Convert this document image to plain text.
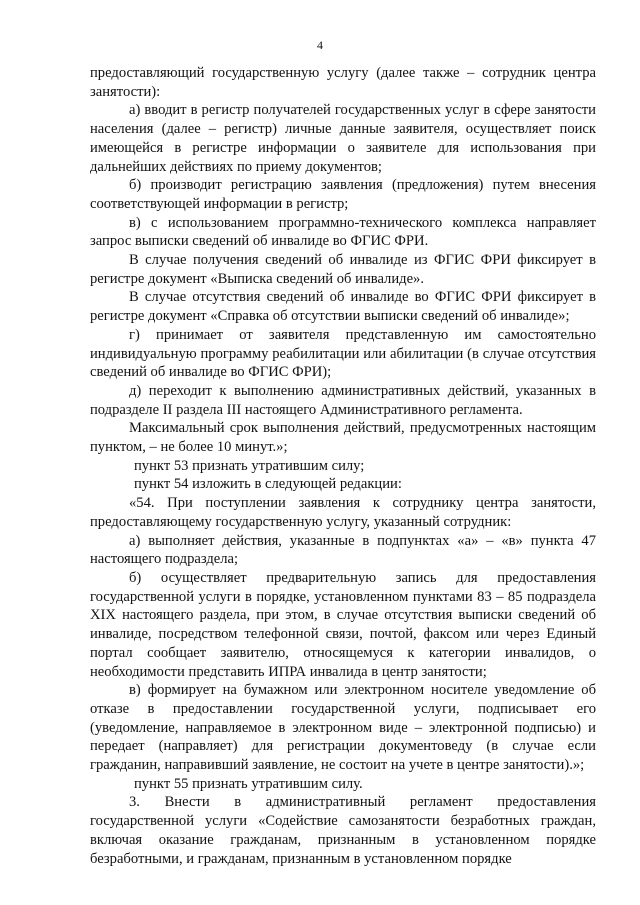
4

предоставляющий государственную услугу (далее также – сотрудник центра занятости):

а) вводит в регистр получателей государственных услуг в сфере занятости населения (далее – регистр) личные данные заявителя, осуществляет поиск имеющейся в регистре информации о заявителе для использования при дальнейших действиях по приему документов;

б) производит регистрацию заявления (предложения) путем внесения соответствующей информации в регистр;

в) с использованием программно-технического комплекса направляет запрос выписки сведений об инвалиде во ФГИС ФРИ.

В случае получения сведений об инвалиде из ФГИС ФРИ фиксирует в регистре документ «Выписка сведений об инвалиде».

В случае отсутствия сведений об инвалиде во ФГИС ФРИ фиксирует в регистре документ «Справка об отсутствии выписки сведений об инвалиде»;

г) принимает от заявителя представленную им самостоятельно индивидуальную программу реабилитации или абилитации (в случае отсутствия сведений об инвалиде во ФГИС ФРИ);

д) переходит к выполнению административных действий, указанных в подразделе II раздела III настоящего Административного регламента.

Максимальный срок выполнения действий, предусмотренных настоящим пунктом, – не более 10 минут.»;

пункт 53 признать утратившим силу;

пункт 54 изложить в следующей редакции:

«54. При поступлении заявления к сотруднику центра занятости, предоставляющему государственную услугу, указанный сотрудник:

а) выполняет действия, указанные в подпунктах «а» – «в» пункта 47 настоящего подраздела;

б) осуществляет предварительную запись для предоставления государственной услуги в порядке, установленном пунктами 83 – 85 подраздела XIX настоящего раздела, при этом, в случае отсутствия выписки сведений об инвалиде, посредством телефонной связи, почтой, факсом или через Единый портал сообщает заявителю, относящемуся к категории инвалидов, о необходимости представить ИПРА инвалида в центр занятости;

в) формирует на бумажном или электронном носителе уведомление об отказе в предоставлении государственной услуги, подписывает его (уведомление, направляемое в электронном виде – электронной подписью) и передает (направляет) для регистрации документоведу (в случае если гражданин, направивший заявление, не состоит на учете в центре занятости).»;

пункт 55 признать утратившим силу.

3. Внести в административный регламент предоставления государственной услуги «Содействие самозанятости безработных граждан, включая оказание гражданам, признанным в установленном порядке безработными, и гражданам, признанным в установленном порядке
